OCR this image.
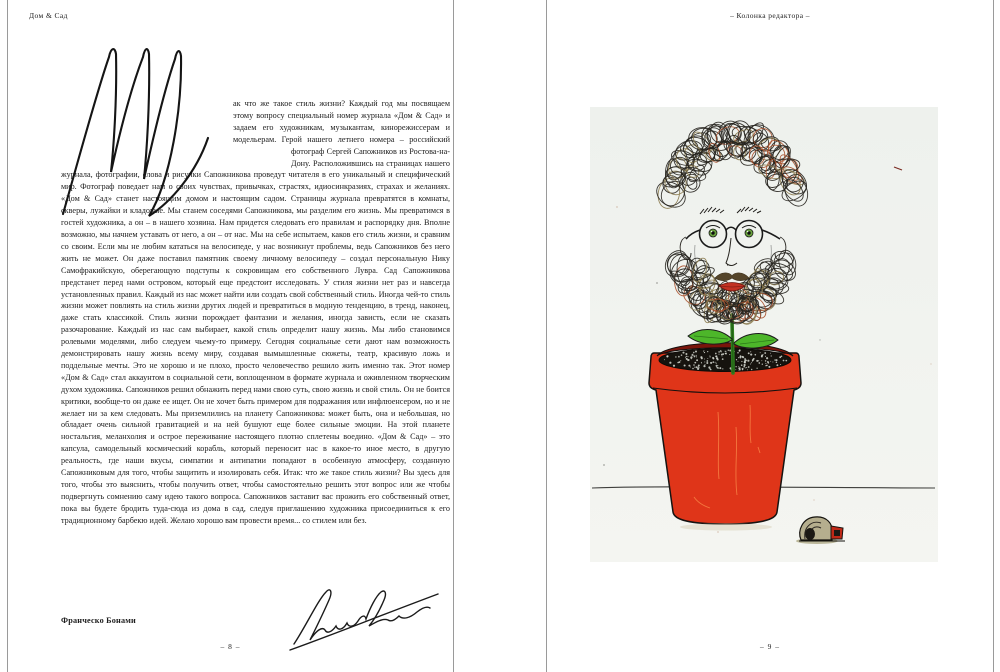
Дом & Сад
ак что же такое стиль жизни? Каждый год мы посвящаем этому вопросу специальный номер журнала «Дом & Сад» и задаем его художникам, музыкантам, кинорежиссерам и модельерам. Герой нашего летнего номера – российский фотограф Сергей Сапожников из Ростова-на-Дону. Расположившись на страницах нашего журнала, фотографии, слова и рисунки Сапожникова проведут читателя в его уникальный и специфический мир. Фотограф поведает нам о своих чувствах, привычках, страстях, идиосинкразиях, страхах и желаниях. «Дом & Сад» станет настоящим домом и настоящим садом. Страницы журнала превратятся в комнаты, скверы, лужайки и кладовые. Мы станем соседями Сапожникова, мы разделим его жизнь. Мы превратимся в гостей художника, а он – в нашего хозяина. Нам придется следовать его правилам и распорядку дня. Вполне возможно, мы начнем уставать от него, а он – от нас. Мы на себе испытаем, каков его стиль жизни, и сравним со своим. Если мы не любим кататься на велосипеде, у нас возникнут проблемы, ведь Сапожников без него жить не может. Он даже поставил памятник своему личному велосипеду – создал персональную Нику Самофракийскую, оберегающую подступы к сокровищам его собственного Лувра. Сад Сапожникова предстанет перед нами островом, который еще предстоит исследовать. У стиля жизни нет раз и навсегда установленных правил. Каждый из нас может найти или создать свой собственный стиль. Иногда чей-то стиль жизни может повлиять на стиль жизни других людей и превратиться в модную тенденцию, в тренд, наконец, даже стать классикой. Стиль жизни порождает фантазии и желания, иногда зависть, если не сказать разочарование. Каждый из нас сам выбирает, какой стиль определит нашу жизнь. Мы либо становимся ролевыми моделями, либо следуем чьему-то примеру. Сегодня социальные сети дают нам возможность демонстрировать нашу жизнь всему миру, создавая вымышленные сюжеты, театр, красивую ложь и поддельные мечты. Это не хорошо и не плохо, просто человечество решило жить именно так. Этот номер «Дом & Сад» стал аккаунтом в социальной сети, воплощенном в формате журнала и оживленном творческим духом художника. Сапожников решил обнажить перед нами свою суть, свою жизнь и свой стиль. Он не боится критики, вообще-то он даже ее ищет. Он не хочет быть примером для подражания или инфлюенсером, но и не желает ни за кем следовать. Мы приземлились на планету Сапожникова: может быть, она и небольшая, но обладает очень сильной гравитацией и на ней бушуют еще более сильные эмоции. На этой планете ностальгия, меланхолия и острое переживание настоящего плотно сплетены воедино. «Дом & Сад» – это капсула, самодельный космический корабль, который переносит нас в какое-то иное место, в другую реальность, где наши вкусы, симпатии и антипатии попадают в особенную атмосферу, созданную Сапожниковым для того, чтобы защитить и изолировать себя. Итак: что же такое стиль жизни? Вы здесь для того, чтобы это выяснить, чтобы получить ответ, чтобы самостоятельно решить этот вопрос или же чтобы подвергнуть сомнению саму идею такого вопроса. Сапожников заставит вас прожить его собственный ответ, пока вы будете бродить туда-сюда из дома в сад, следуя приглашению художника присоединиться к его традиционному барбекю идей. Желаю хорошо вам провести время... со стилем или без.
Франческо Бонами
– 8 –
– Колонка редактора –
– 9 –
